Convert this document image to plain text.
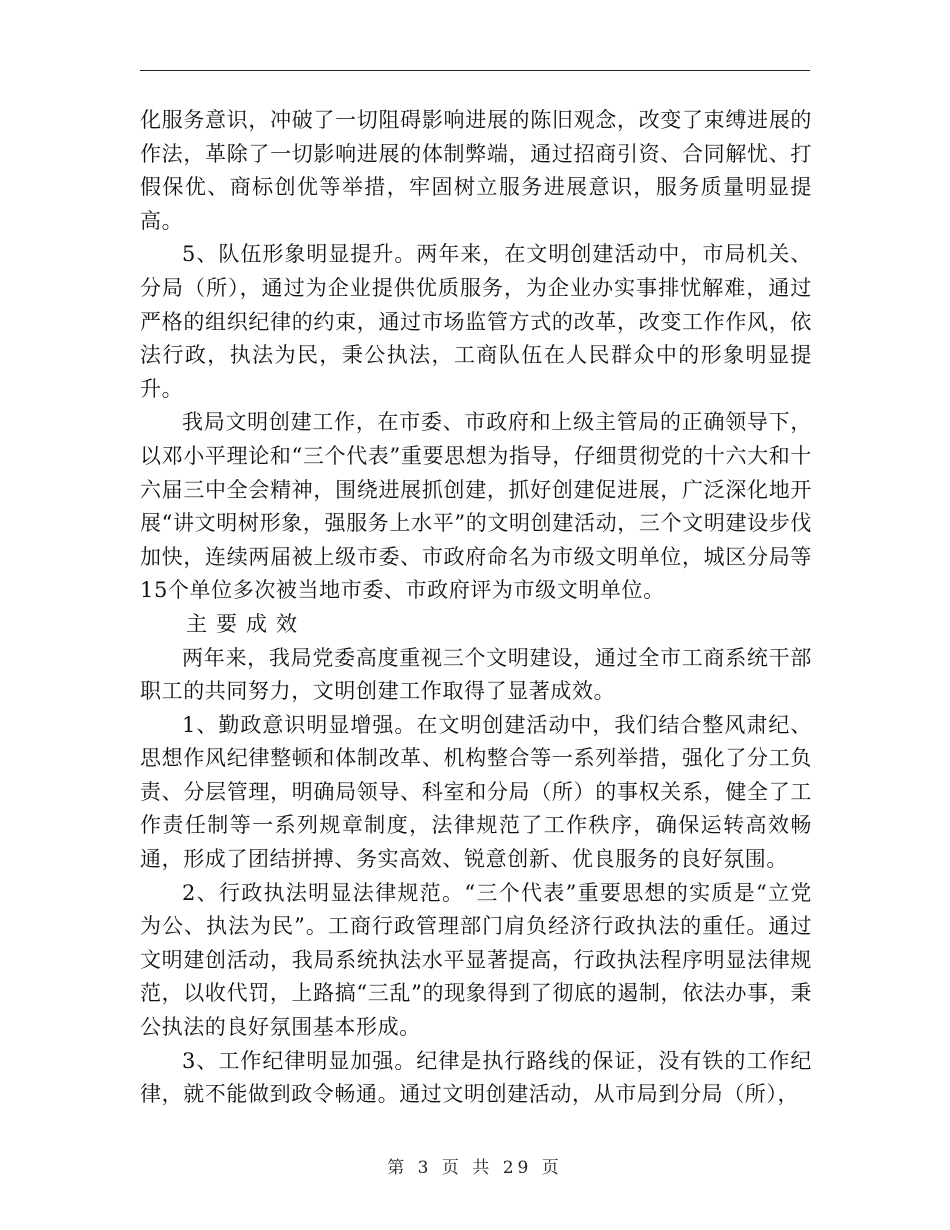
化服务意识，冲破了一切阻碍影响进展的陈旧观念，改变了束缚进展的作法，革除了一切影响进展的体制弊端，通过招商引资、合同解忧、打假保优、商标创优等举措，牢固树立服务进展意识，服务质量明显提高。

5、队伍形象明显提升。两年来，在文明创建活动中，市局机关、分局（所），通过为企业提供优质服务，为企业办实事排忧解难，通过严格的组织纪律的约束，通过市场监管方式的改革，改变工作作风，依法行政，执法为民，秉公执法，工商队伍在人民群众中的形象明显提升。

我局文明创建工作，在市委、市政府和上级主管局的正确领导下，以邓小平理论和“三个代表”重要思想为指导，仔细贯彻党的十六大和十六届三中全会精神，围绕进展抓创建，抓好创建促进展，广泛深化地开展“讲文明树形象，强服务上水平”的文明创建活动，三个文明建设步伐加快，连续两届被上级市委、市政府命名为市级文明单位，城区分局等15个单位多次被当地市委、市政府评为市级文明单位。

主要成效

两年来，我局党委高度重视三个文明建设，通过全市工商系统干部职工的共同努力，文明创建工作取得了显著成效。

1、勤政意识明显增强。在文明创建活动中，我们结合整风肃纪、思想作风纪律整顿和体制改革、机构整合等一系列举措，强化了分工负责、分层管理，明确局领导、科室和分局（所）的事权关系，健全了工作责任制等一系列规章制度，法律规范了工作秩序，确保运转高效畅通，形成了团结拼搏、务实高效、锐意创新、优良服务的良好氛围。

2、行政执法明显法律规范。“三个代表”重要思想的实质是“立党为公、执法为民”。工商行政管理部门肩负经济行政执法的重任。通过文明建创活动，我局系统执法水平显著提高，行政执法程序明显法律规范，以收代罚，上路搞“三乱”的现象得到了彻底的遏制，依法办事，秉公执法的良好氛围基本形成。

3、工作纪律明显加强。纪律是执行路线的保证，没有铁的工作纪律，就不能做到政令畅通。通过文明创建活动，从市局到分局（所），

第 3 页 共 29 页
